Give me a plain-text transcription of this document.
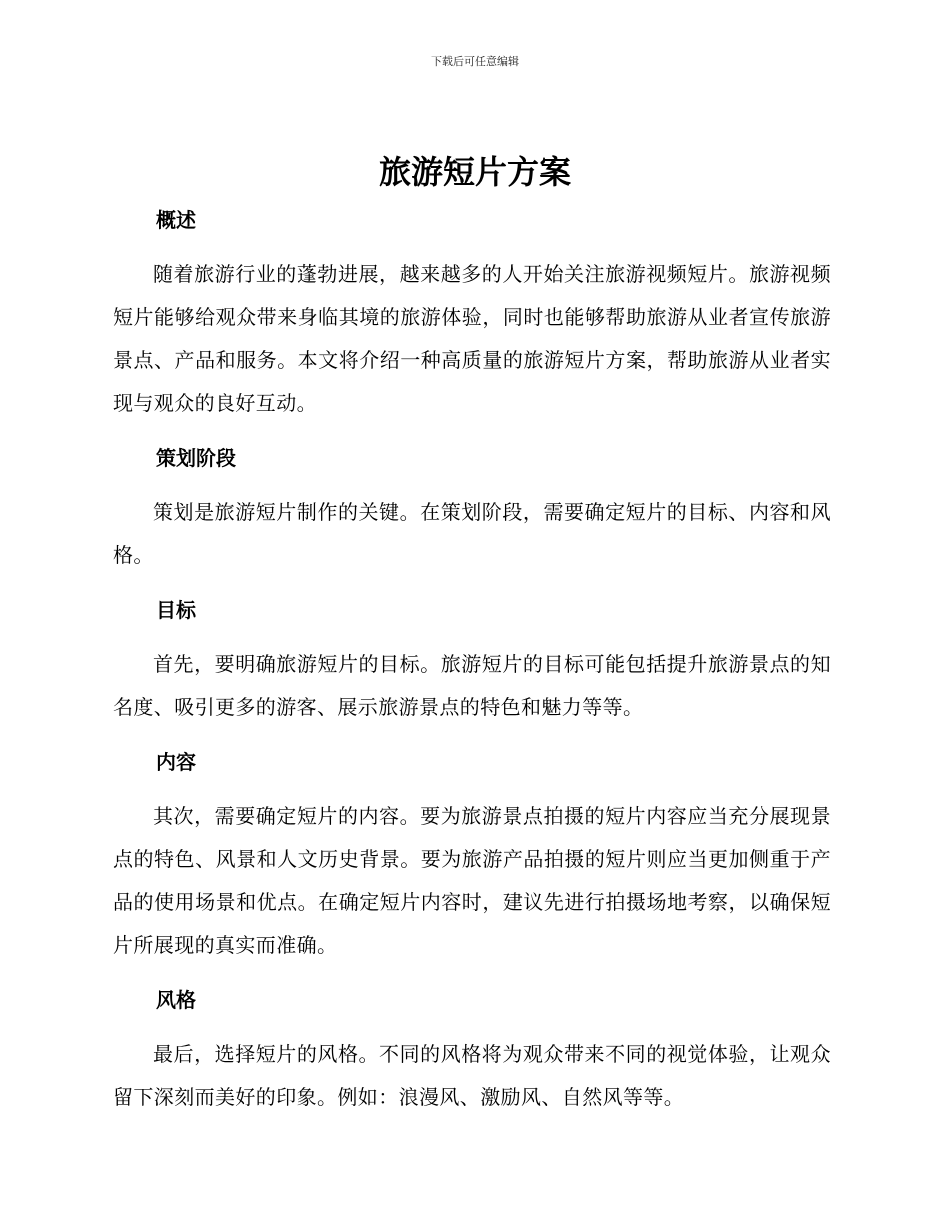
下载后可任意编辑
旅游短片方案
概述

随着旅游行业的蓬勃进展，越来越多的人开始关注旅游视频短片。旅游视频短片能够给观众带来身临其境的旅游体验，同时也能够帮助旅游从业者宣传旅游景点、产品和服务。本文将介绍一种高质量的旅游短片方案，帮助旅游从业者实现与观众的良好互动。

策划阶段

策划是旅游短片制作的关键。在策划阶段，需要确定短片的目标、内容和风格。

目标

首先，要明确旅游短片的目标。旅游短片的目标可能包括提升旅游景点的知名度、吸引更多的游客、展示旅游景点的特色和魅力等等。

内容

其次，需要确定短片的内容。要为旅游景点拍摄的短片内容应当充分展现景点的特色、风景和人文历史背景。要为旅游产品拍摄的短片则应当更加侧重于产品的使用场景和优点。在确定短片内容时，建议先进行拍摄场地考察，以确保短片所展现的真实而准确。

风格

最后，选择短片的风格。不同的风格将为观众带来不同的视觉体验，让观众留下深刻而美好的印象。例如：浪漫风、激励风、自然风等等。
